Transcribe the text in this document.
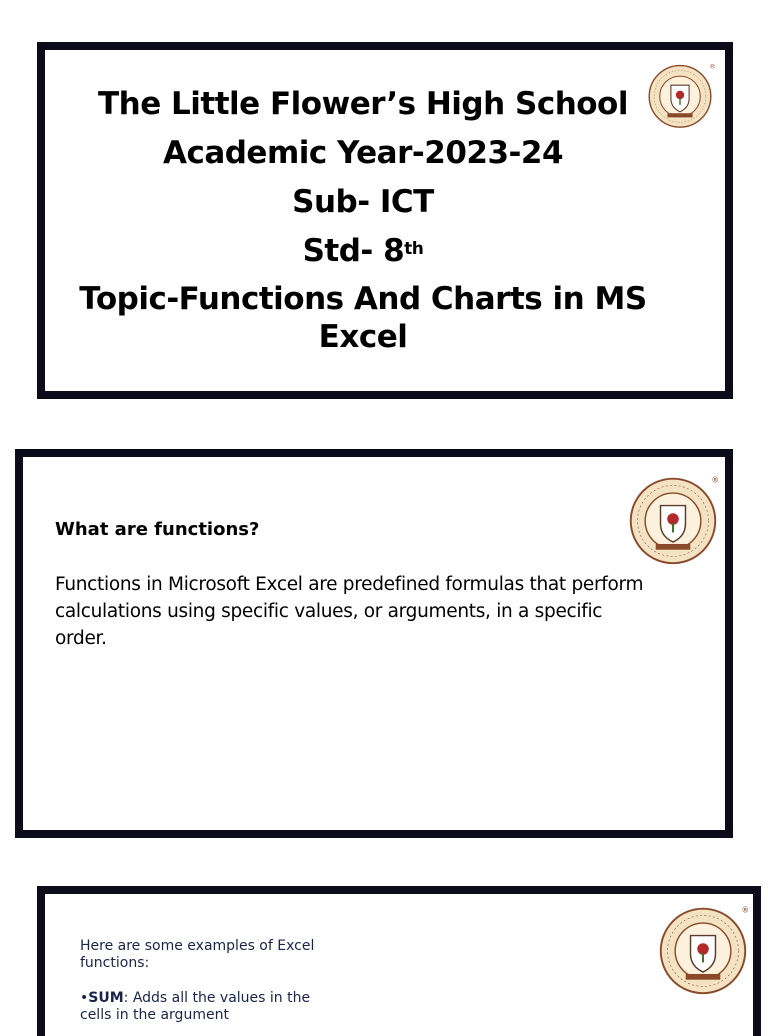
The Little Flower’s High School
Academic Year-2023-24
Sub- ICT
Std- 8th
Topic-Functions And Charts in MS
Excel
®
What are functions?
Functions in Microsoft Excel are predefined formulas that perform calculations using specific values, or arguments, in a specific order.
®
Here are some examples of Excel functions:
•SUM: Adds all the values in the cells in the argument
®
